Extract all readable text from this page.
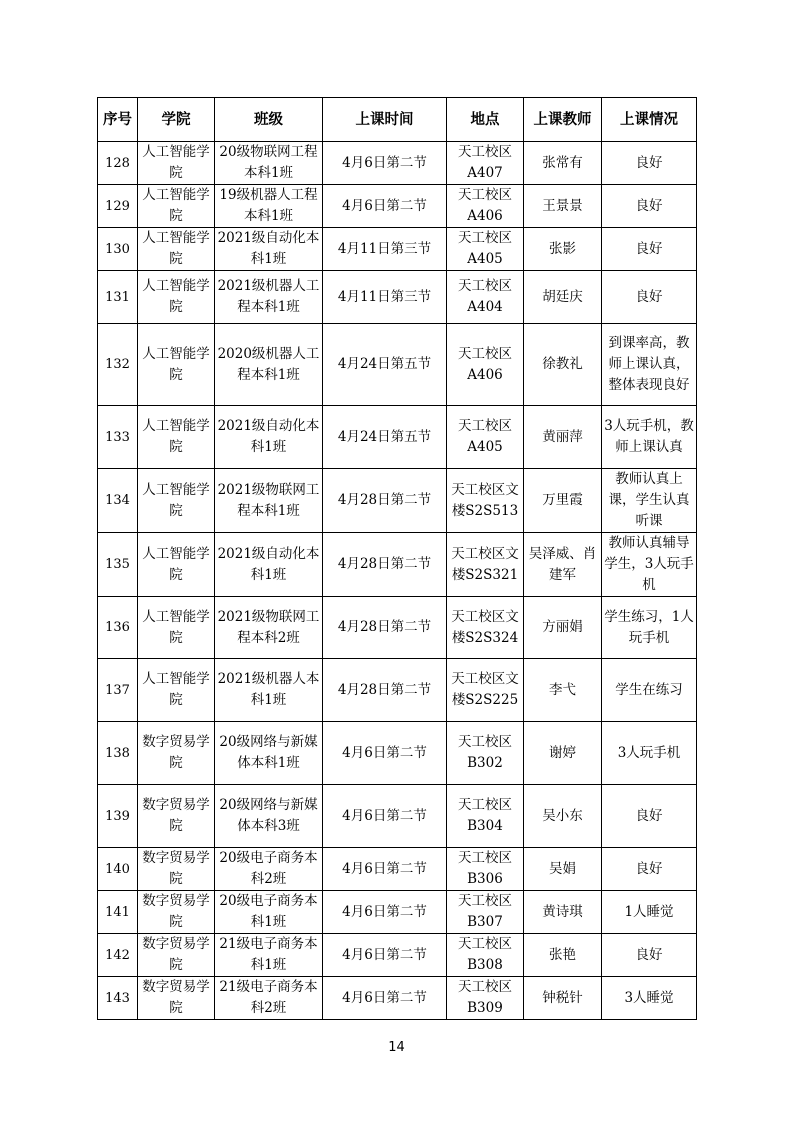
序号	学院	班级	上课时间	地点	上课教师	上课情况
128	人工智能学院	20级物联网工程本科1班	4月6日第二节	天工校区A407	张常有	良好
129	人工智能学院	19级机器人工程本科1班	4月6日第二节	天工校区A406	王景景	良好
130	人工智能学院	2021级自动化本科1班	4月11日第三节	天工校区A405	张影	良好
131	人工智能学院	2021级机器人工程本科1班	4月11日第三节	天工校区A404	胡廷庆	良好
132	人工智能学院	2020级机器人工程本科1班	4月24日第五节	天工校区A406	徐教礼	到课率高，教师上课认真，整体表现良好
133	人工智能学院	2021级自动化本科1班	4月24日第五节	天工校区A405	黄丽萍	3人玩手机，教师上课认真
134	人工智能学院	2021级物联网工程本科1班	4月28日第二节	天工校区文楼S2S513	万里霞	教师认真上课，学生认真听课
135	人工智能学院	2021级自动化本科1班	4月28日第二节	天工校区文楼S2S321	吴泽威、肖建军	教师认真辅导学生，3人玩手机
136	人工智能学院	2021级物联网工程本科2班	4月28日第二节	天工校区文楼S2S324	方丽娟	学生练习，1人玩手机
137	人工智能学院	2021级机器人本科1班	4月28日第二节	天工校区文楼S2S225	李弋	学生在练习
138	数字贸易学院	20级网络与新媒体本科1班	4月6日第二节	天工校区B302	谢婷	3人玩手机
139	数字贸易学院	20级网络与新媒体本科3班	4月6日第二节	天工校区B304	吴小东	良好
140	数字贸易学院	20级电子商务本科2班	4月6日第二节	天工校区B306	吴娟	良好
141	数字贸易学院	20级电子商务本科1班	4月6日第二节	天工校区B307	黄诗琪	1人睡觉
142	数字贸易学院	21级电子商务本科1班	4月6日第二节	天工校区B308	张艳	良好
143	数字贸易学院	21级电子商务本科2班	4月6日第二节	天工校区B309	钟税针	3人睡觉
14
